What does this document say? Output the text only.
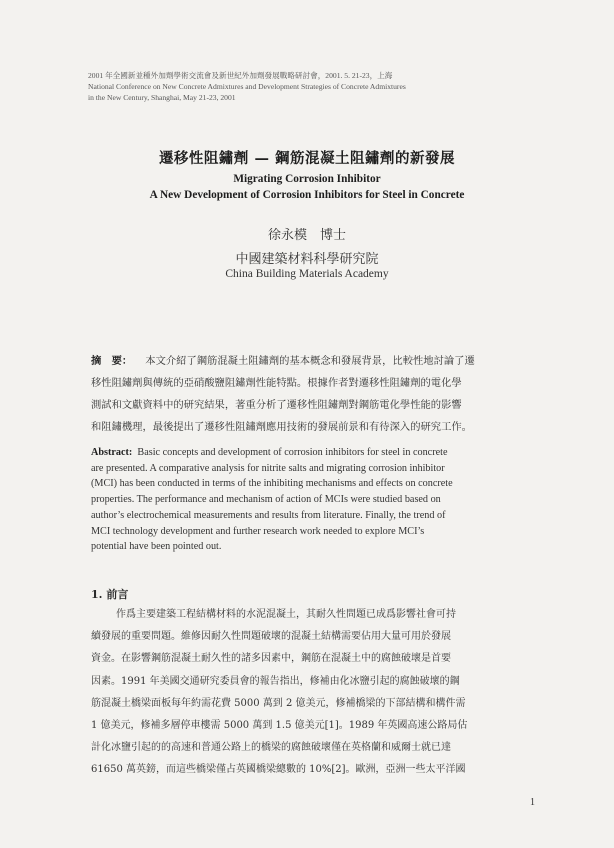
2001 年全國新並種外加劑學術交流會及新世紀外加劑發展戰略研討會，2001. 5. 21-23，上海
National Conference on New Concrete Admixtures and Development Strategies of Concrete Admixtures
in the New Century, Shanghai, May 21-23, 2001
遷移性阻鏽劑 — 鋼筋混凝土阻鏽劑的新發展
Migrating Corrosion Inhibitor
A New Development of Corrosion Inhibitors for Steel in Concrete
徐永模　博士
中國建築材料科學研究院
China Building Materials Academy
摘　要： 本文介紹了鋼筋混凝土阻鏽劑的基本概念和發展背景，比較性地討論了遷
移性阻鏽劑與傳統的亞硝酸鹽阻鏽劑性能特點。根據作者對遷移性阻鏽劑的電化學
測試和文獻資料中的研究結果，著重分析了遷移性阻鏽劑對鋼筋電化學性能的影響
和阻鏽機理，最後提出了遷移性阻鏽劑應用技術的發展前景和有待深入的研究工作。
Abstract: Basic concepts and development of corrosion inhibitors for steel in concrete
are presented. A comparative analysis for nitrite salts and migrating corrosion inhibitor
(MCI) has been conducted in terms of the inhibiting mechanisms and effects on concrete
properties. The performance and mechanism of action of MCIs were studied based on
author’s electrochemical measurements and results from literature. Finally, the trend of
MCI technology development and further research work needed to explore MCI’s
potential have been pointed out.
1. 前言
作爲主要建築工程結構材料的水泥混凝土，其耐久性問題已成爲影響社會可持
續發展的重要問題。維修因耐久性問題破壞的混凝土結構需要佔用大量可用於發展
資金。在影響鋼筋混凝土耐久性的諸多因素中，鋼筋在混凝土中的腐蝕破壞是首要
因素。1991 年美國交通研究委員會的報告指出，修補由化冰鹽引起的腐蝕破壞的鋼
筋混凝土橋梁面板每年約需花費 5000 萬到 2 億美元，修補橋梁的下部結構和構件需
1 億美元，修補多層停車樓需 5000 萬到 1.5 億美元[1]。1989 年英國高速公路局估
計化冰鹽引起的的高速和普通公路上的橋梁的腐蝕破壞僅在英格蘭和威爾士就已達
61650 萬英鎊，而這些橋梁僅占英國橋梁總數的 10%[2]。歐洲，亞洲一些太平洋國
1
